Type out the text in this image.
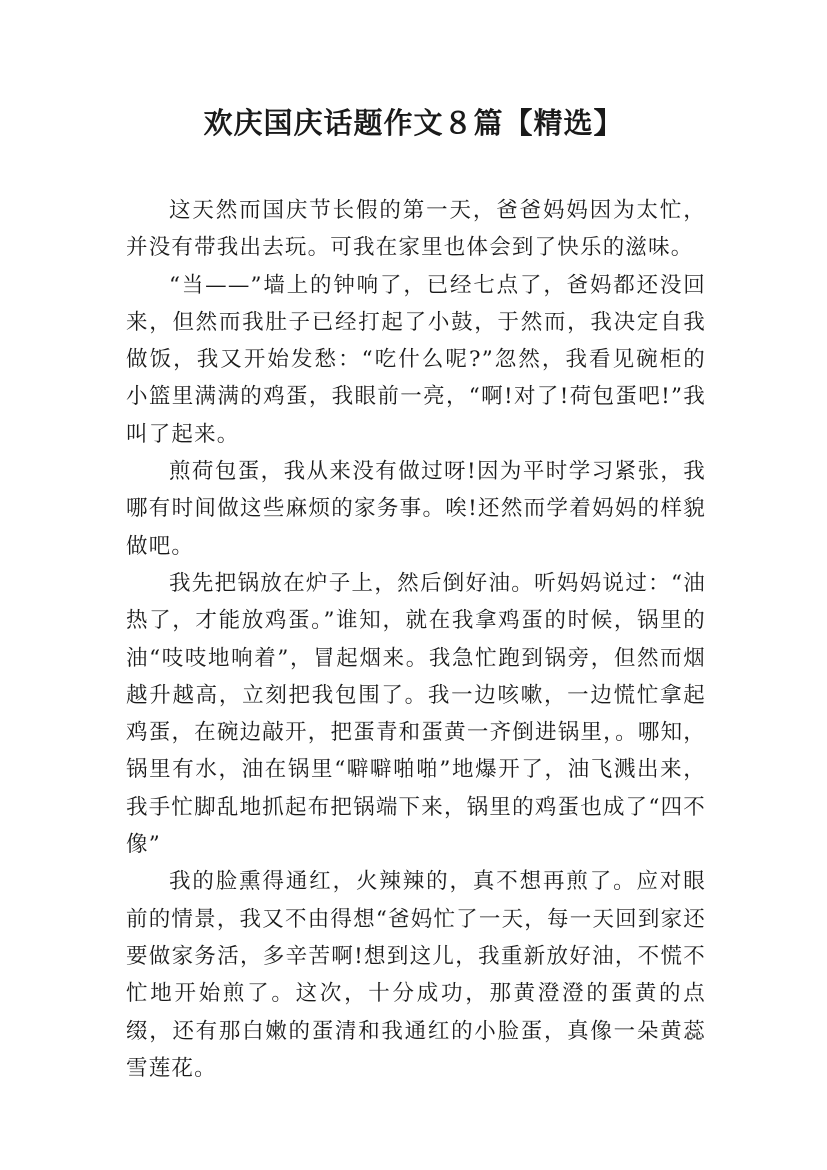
欢庆国庆话题作文８篇【精选】

这天然而国庆节长假的第一天，爸爸妈妈因为太忙，并没有带我出去玩。可我在家里也体会到了快乐的滋味。

“当——”墙上的钟响了，已经七点了，爸妈都还没回来，但然而我肚子已经打起了小鼓，于然而，我决定自我做饭，我又开始发愁：“吃什么呢?”忽然，我看见碗柜的小篮里满满的鸡蛋，我眼前一亮，“啊!对了!荷包蛋吧!”我叫了起来。

煎荷包蛋，我从来没有做过呀!因为平时学习紧张，我哪有时间做这些麻烦的家务事。唉!还然而学着妈妈的样貌做吧。

我先把锅放在炉子上，然后倒好油。听妈妈说过：“油热了，才能放鸡蛋。”谁知，就在我拿鸡蛋的时候，锅里的油“吱吱地响着”，冒起烟来。我急忙跑到锅旁，但然而烟越升越高，立刻把我包围了。我一边咳嗽，一边慌忙拿起鸡蛋，在碗边敲开，把蛋青和蛋黄一齐倒进锅里，。哪知，锅里有水，油在锅里“噼噼啪啪”地爆开了，油飞溅出来，我手忙脚乱地抓起布把锅端下来，锅里的鸡蛋也成了“四不像”

我的脸熏得通红，火辣辣的，真不想再煎了。应对眼前的情景，我又不由得想“爸妈忙了一天，每一天回到家还要做家务活，多辛苦啊!想到这儿，我重新放好油，不慌不忙地开始煎了。这次，十分成功，那黄澄澄的蛋黄的点缀，还有那白嫩的蛋清和我通红的小脸蛋，真像一朵黄蕊雪莲花。
